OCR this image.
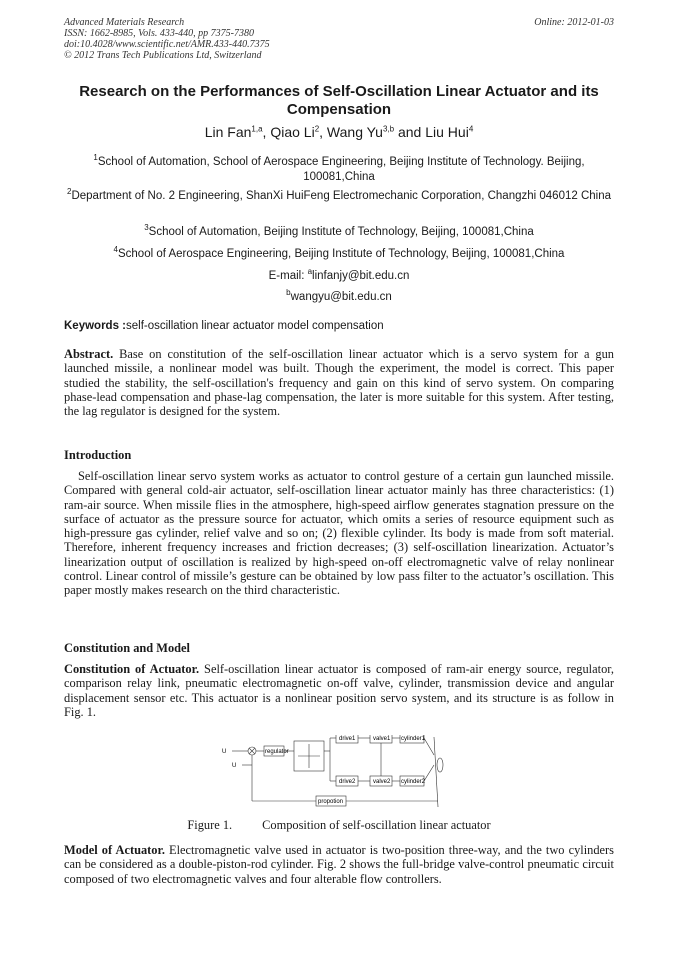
Advanced Materials Research
ISSN: 1662-8985, Vols. 433-440, pp 7375-7380
doi:10.4028/www.scientific.net/AMR.433-440.7375
© 2012 Trans Tech Publications Ltd, Switzerland
Online: 2012-01-03
Research on the Performances of Self-Oscillation Linear Actuator and its Compensation
Lin Fan$^{1,a}$, Qiao Li$^2$, Wang Yu$^{3,b}$ and Liu Hui$^4$
$^1$School of Automation, School of Aerospace Engineering, Beijing Institute of Technology. Beijing, 100081,China
$^2$Department of No. 2 Engineering, ShanXi HuiFeng Electromechanic Corporation, Changzhi 046012 China
$^3$School of Automation, Beijing Institute of Technology, Beijing, 100081,China
$^4$School of Aerospace Engineering, Beijing Institute of Technology, Beijing, 100081,China
E-mail: $^a$linfanjy@bit.edu.cn
$^b$wangyu@bit.edu.cn
Keywords :self-oscillation linear actuator model compensation
Abstract. Base on constitution of the self-oscillation linear actuator which is a servo system for a gun launched missile, a nonlinear model was built. Though the experiment, the model is correct. This paper studied the stability, the self-oscillation's frequency and gain on this kind of servo system. On comparing phase-lead compensation and phase-lag compensation, the later is more suitable for this system. After testing, the lag regulator is designed for the system.
Introduction
Self-oscillation linear servo system works as actuator to control gesture of a certain gun launched missile. Compared with general cold-air actuator, self-oscillation linear actuator mainly has three characteristics: (1) ram-air source. When missile flies in the atmosphere, high-speed airflow generates stagnation pressure on the surface of actuator as the pressure source for actuator, which omits a series of resource equipment such as high-pressure gas cylinder, relief valve and so on; (2) flexible cylinder. Its body is made from soft material. Therefore, inherent frequency increases and friction decreases; (3) self-oscillation linearization. Actuator’s linearization output of oscillation is realized by high-speed on-off electromagnetic valve of relay nonlinear control. Linear control of missile’s gesture can be obtained by low pass filter to the actuator’s oscillation. This paper mostly makes research on the third characteristic.
Constitution and Model
Constitution of Actuator. Self-oscillation linear actuator is composed of ram-air energy source, regulator, comparison relay link, pneumatic electromagnetic on-off valve, cylinder, transmission device and angular displacement sensor etc. This actuator is a nonlinear position servo system, and its structure is as follow in Fig. 1.
U
U
regulator
drive1	valve1 cylinder1
drive2	valve2 cylinder2
propotion
Figure 1. Composition of self-oscillation linear actuator
Model of Actuator. Electromagnetic valve used in actuator is two-position three-way, and the two cylinders can be considered as a double-piston-rod cylinder. Fig. 2 shows the full-bridge valve-control pneumatic circuit composed of two electromagnetic valves and four alterable flow controllers.
